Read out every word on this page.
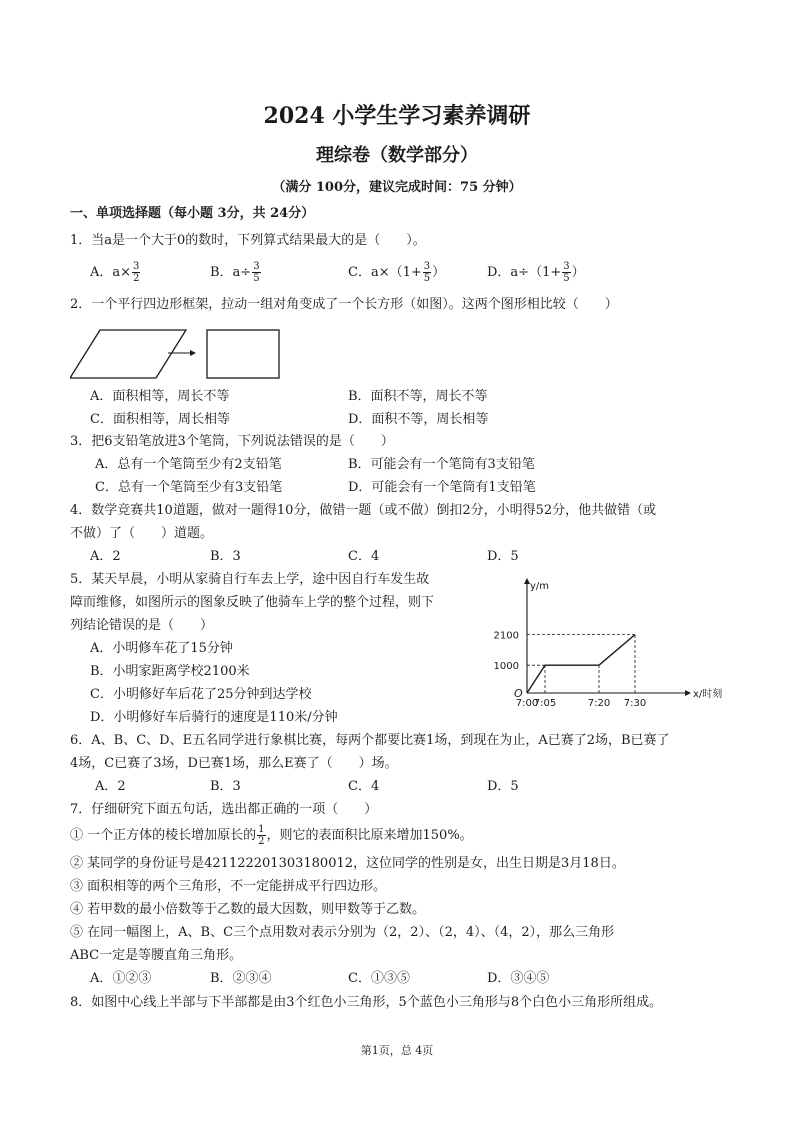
2024 小学生学习素养调研
理综卷（数学部分）
（满分 100分，建议完成时间：75 分钟）
一、单项选择题（每小题 3分，共 24分）
1．当a是一个大于0的数时，下列算式结果最大的是（　　）。
A．$a\times \frac{3}{2}$	B．$a\div \frac{3}{5}$	C．$a\times(1+ \frac{3}{5}$ ）	D．$a\div(1+ \frac{3}{5}$ ）
2．一个平行四边形框架，拉动一组对角变成了一个长方形（如图）。这两个图形相比较（　　）
A．面积相等，周长不等	B．面积不等，周长不等
C．面积相等，周长相等	D．面积不等，周长相等
3．把6支铅笔放进3个笔筒，下列说法错误的是（　　）
A．总有一个笔筒至少有2支铅笔	B．可能会有一个笔筒有3支铅笔
C．总有一个笔筒至少有3支铅笔	D．可能会有一个笔筒有1支铅笔
4．数学竞赛共10道题，做对一题得10分，做错一题（或不做）倒扣2分，小明得52分，他共做错（或
不做）了（　　）道题。
A．2	B．3	C．4	D．5
5．某天早晨，小明从家骑自行车去上学，途中因自行车发生故
障而维修，如图所示的图象反映了他骑车上学的整个过程，则下
列结论错误的是（　　）
A．小明修车花了15分钟
B．小明家距离学校2100米
C．小明修好车后花了25分钟到达学校
D．小明修好车后骑行的速度是110米/分钟
y/m
x/时刻
O
1000
2100
7:00
7:05	7:20 7:30
6．A、B、C、D、E五名同学进行象棋比赛，每两个都要比赛1场，到现在为止，A已赛了2场，B已赛了
4场，C已赛了3场，D已赛1场，那么E赛了（　　）场。
A．2	B．3	C．4	D．5
7．仔细研究下面五句话，选出都正确的一项（　　）
① 一个正方体的棱长增加原长的 $\frac{1}{2}$ ，则它的表面积比原来增加150%。
② 某同学的身份证号是421122201303180012，这位同学的性别是女，出生日期是3月18日。
③ 面积相等的两个三角形，不一定能拼成平行四边形。
④ 若甲数的最小倍数等于乙数的最大因数，则甲数等于乙数。
⑤ 在同一幅图上，A、B、C三个点用数对表示分别为（2，2）、（2，4）、（4，2），那么三角形
ABC一定是等腰直角三角形。
A．①②③	B．②③④	C．①③⑤	D．③④⑤
8．如图中心线上半部与下半部都是由3个红色小三角形，5个蓝色小三角形与8个白色小三角形所组成。
第1页，总 4页
